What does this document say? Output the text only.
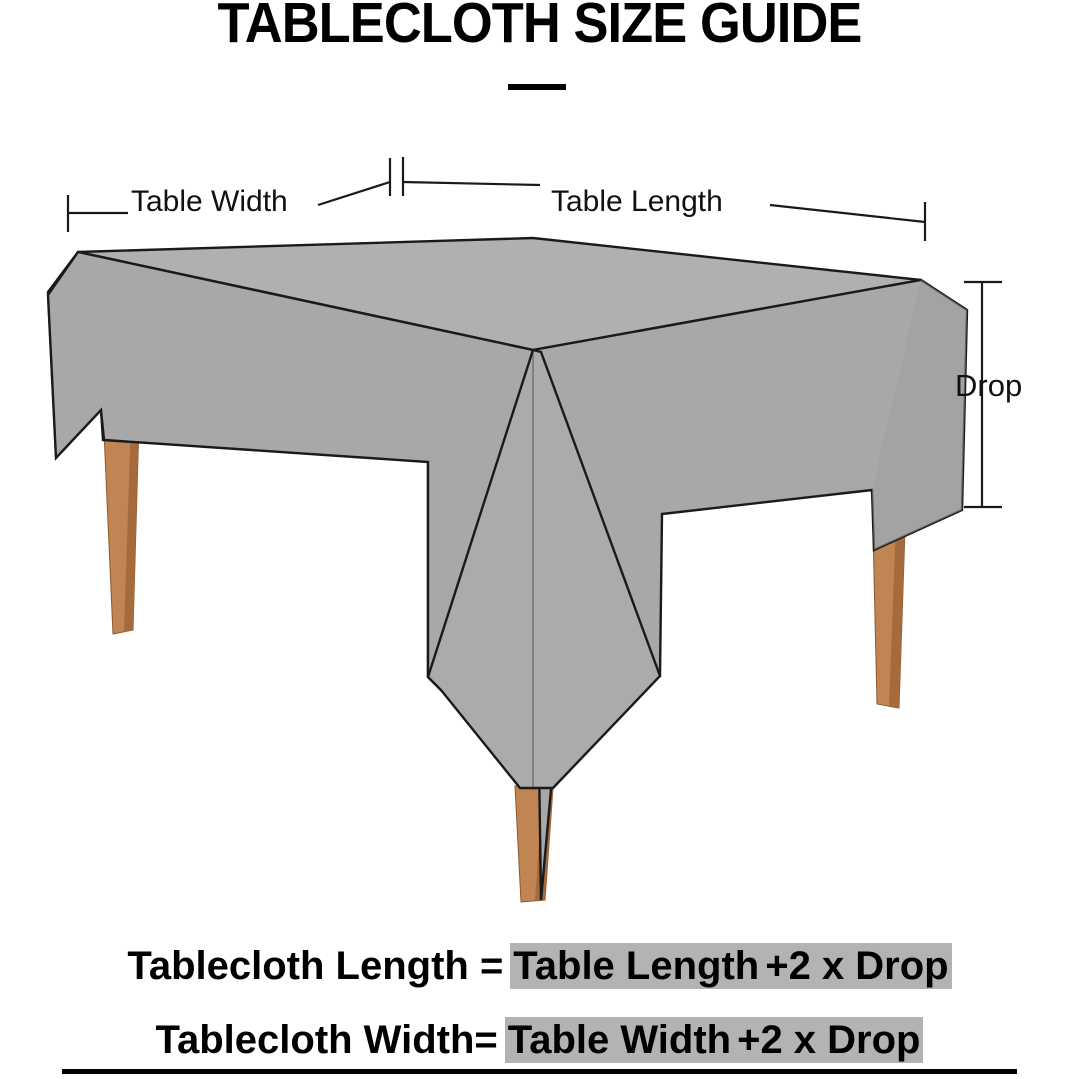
TABLECLOTH SIZE GUIDE
Table Width	Table Length
Drop
Tablecloth Length = Table Length +2 x Drop
Tablecloth Width= Table Width +2 x Drop
